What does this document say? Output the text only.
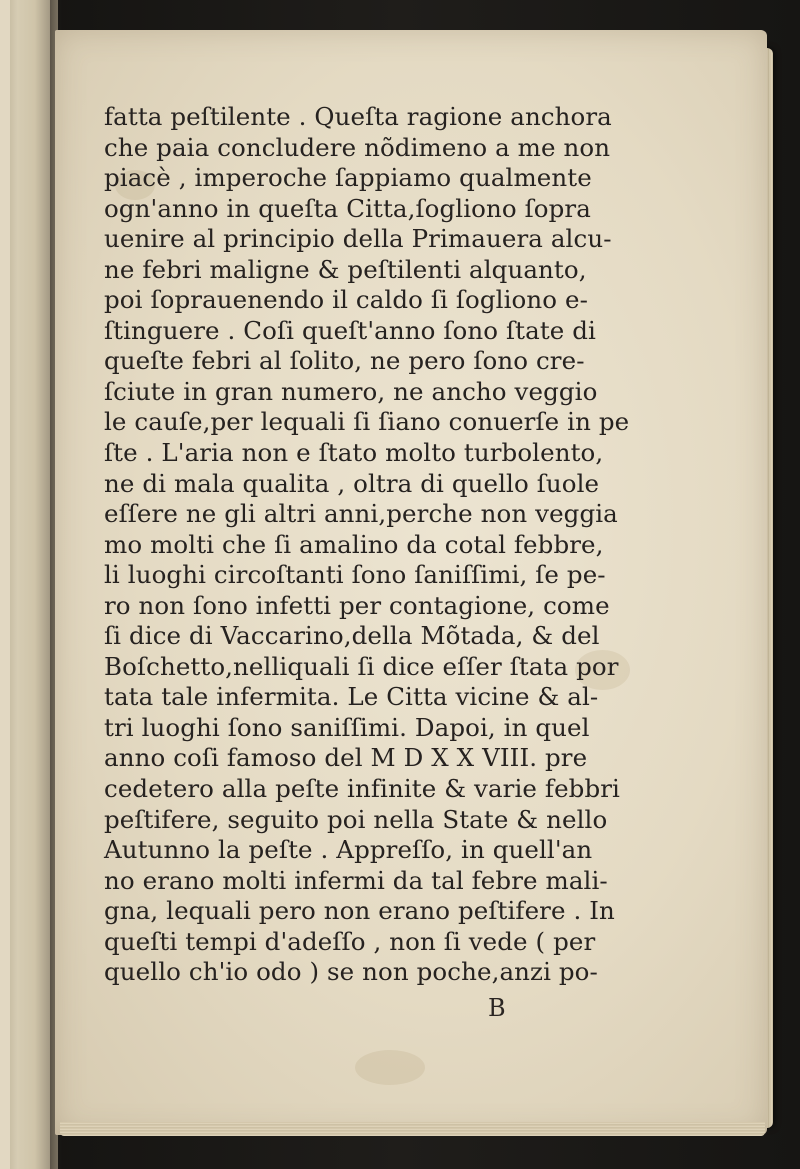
fatta peſtilente . Queſta ragione anchora
che paia concludere nõdimeno a me non
piacè , imperoche ſappiamo qualmente
ogn'anno in queſta Citta,ſogliono ſopra
uenire al principio della Primauera alcu-
ne febri maligne & peſtilenti alquanto,
poi ſoprauenendo il caldo ſi ſogliono e-
ſtinguere . Coſi queſt'anno ſono ſtate di
queſte febri al ſolito, ne pero ſono cre-
ſciute in gran numero, ne ancho veggio
le cauſe,per lequali ſi ſiano conuerſe in pe
ſte . L'aria non e ſtato molto turbolento,
ne di mala qualita , oltra di quello ſuole
eſſere ne gli altri anni,perche non veggia
mo molti che ſi amalino da cotal febbre,
li luoghi circoſtanti ſono ſaniſſimi, ſe pe-
ro non ſono infetti per contagione, come
ſi dice di Vaccarino,della Mõtada, & del
Boſchetto,nelliquali ſi dice eſſer ſtata por
tata tale infermita. Le Citta vicine & al-
tri luoghi ſono saniſſimi. Dapoi, in quel
anno coſi famoso del M D X X VIII. pre
cedetero alla peſte infinite & varie febbri
peſtifere, seguito poi nella State & nello
Autunno la peſte . Appreſſo, in quell'an
no erano molti infermi da tal febre mali-
gna, lequali pero non erano peſtifere . In
queſti tempi d'adeſſo , non ſi vede ( per
quello ch'io odo ) se non poche,anzi po-
B
